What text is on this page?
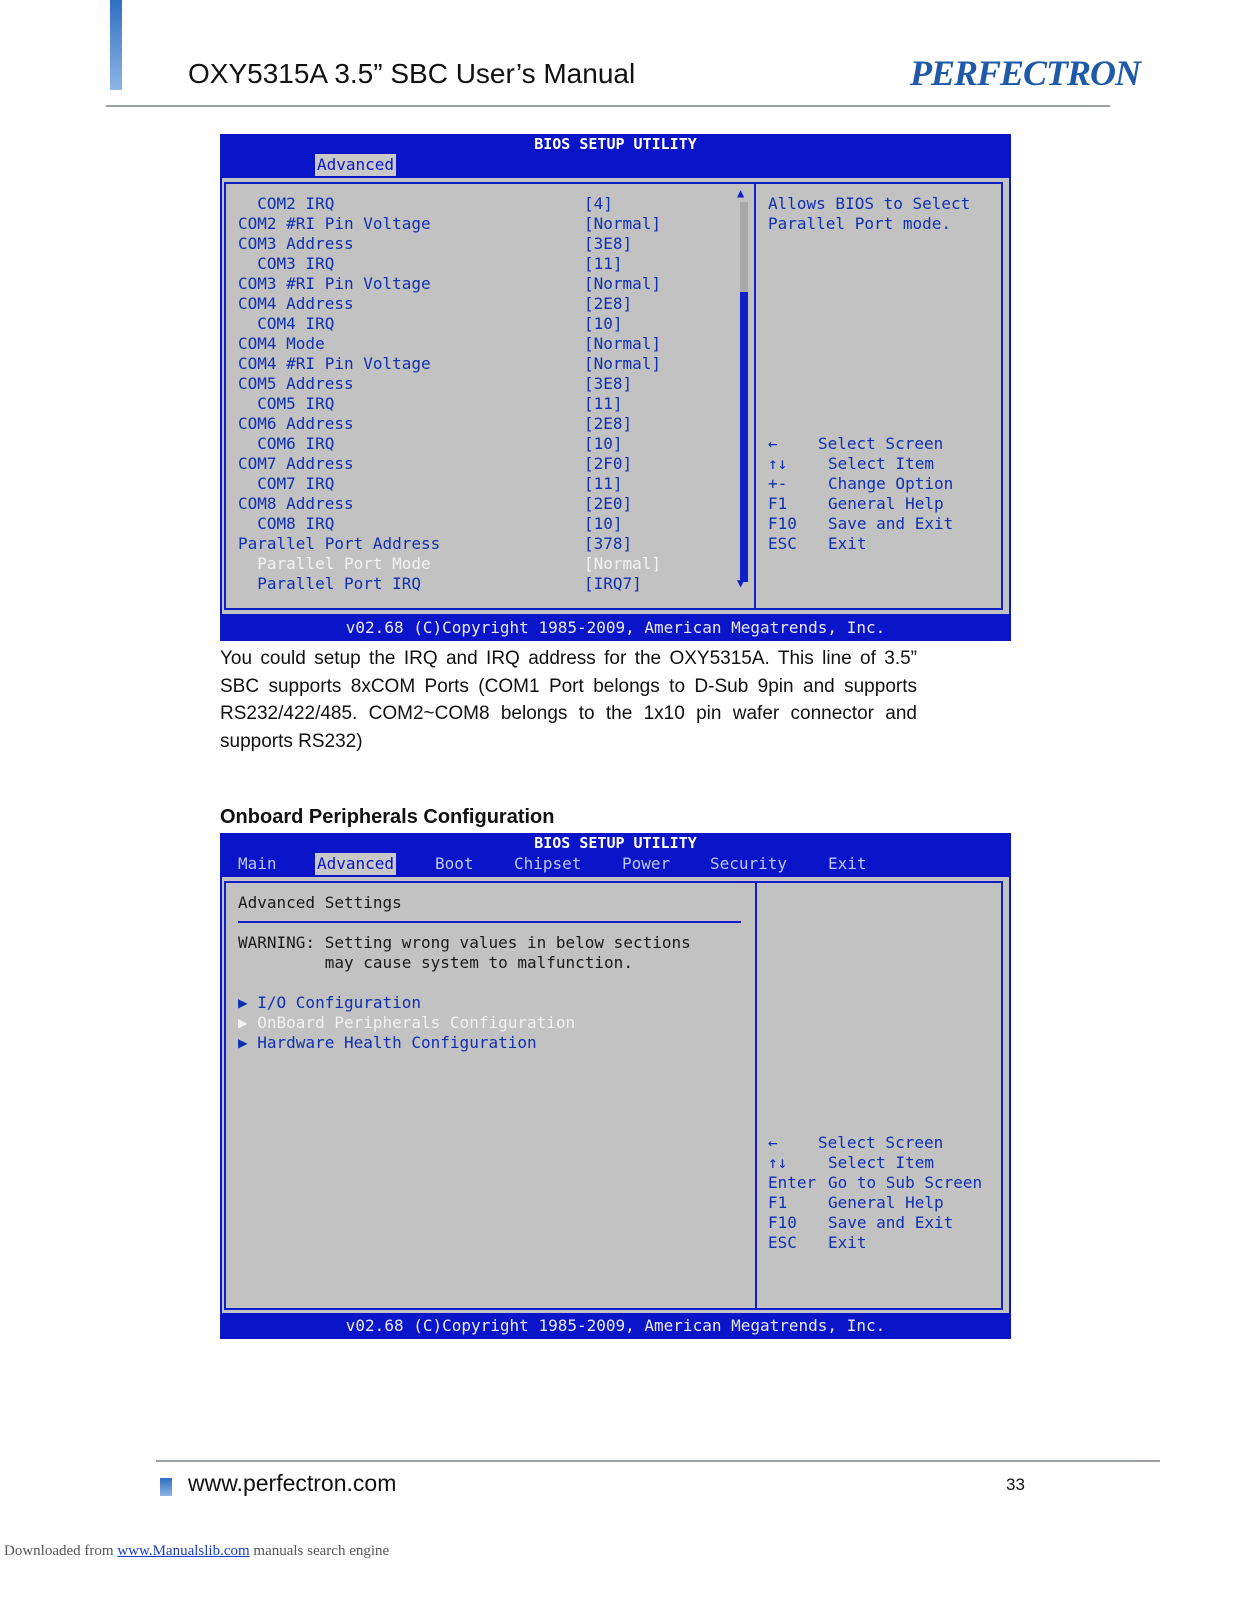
OXY5315A 3.5” SBC User’s Manual	PERFECTRON
BIOS SETUP UTILITY
Advanced
COM2 IRQ	[4]
COM2 #RI Pin Voltage	[Normal]
COM3 Address	[3E8]
COM3 IRQ	[11]
COM3 #RI Pin Voltage	[Normal]
COM4 Address	[2E8]
COM4 IRQ	[10]
COM4 Mode	[Normal]
COM4 #RI Pin Voltage	[Normal]
COM5 Address	[3E8]
COM5 IRQ	[11]
COM6 Address	[2E8]
COM6 IRQ	[10]
COM7 Address	[2F0]
COM7 IRQ	[11]
COM8 Address	[2E0]
COM8 IRQ	[10]
Parallel Port Address	[378]
Parallel Port Mode	[Normal]
Parallel Port IRQ	[IRQ7]
▲
▼
Allows BIOS to Select
Parallel Port mode.
←	Select Screen
↑↓	Select Item
+-	Change Option
F1	General Help
F10 Save and Exit
ESC Exit
v02.68 (C)Copyright 1985-2009, American Megatrends, Inc.
You could setup the IRQ and IRQ address for the OXY5315A. This line of 3.5” SBC supports 8xCOM Ports (COM1 Port belongs to D-Sub 9pin and supports RS232/422/485. COM2~COM8 belongs to the 1x10 pin wafer connector and supports RS232)
Onboard Peripherals Configuration
BIOS SETUP UTILITY
Main	Advanced	Boot	Chipset	Power Security	Exit
Advanced Settings
WARNING: Setting wrong values in below sections
may cause system to malfunction.
▶ I/O Configuration
▶ OnBoard Peripherals Configuration
▶ Hardware Health Configuration
←	Select Screen
↑↓	Select Item
Enter Go to Sub Screen
F1	General Help
F10 Save and Exit
ESC Exit
v02.68 (C)Copyright 1985-2009, American Megatrends, Inc.
www.perfectron.com	33
Downloaded from www.Manualslib.com manuals search engine
